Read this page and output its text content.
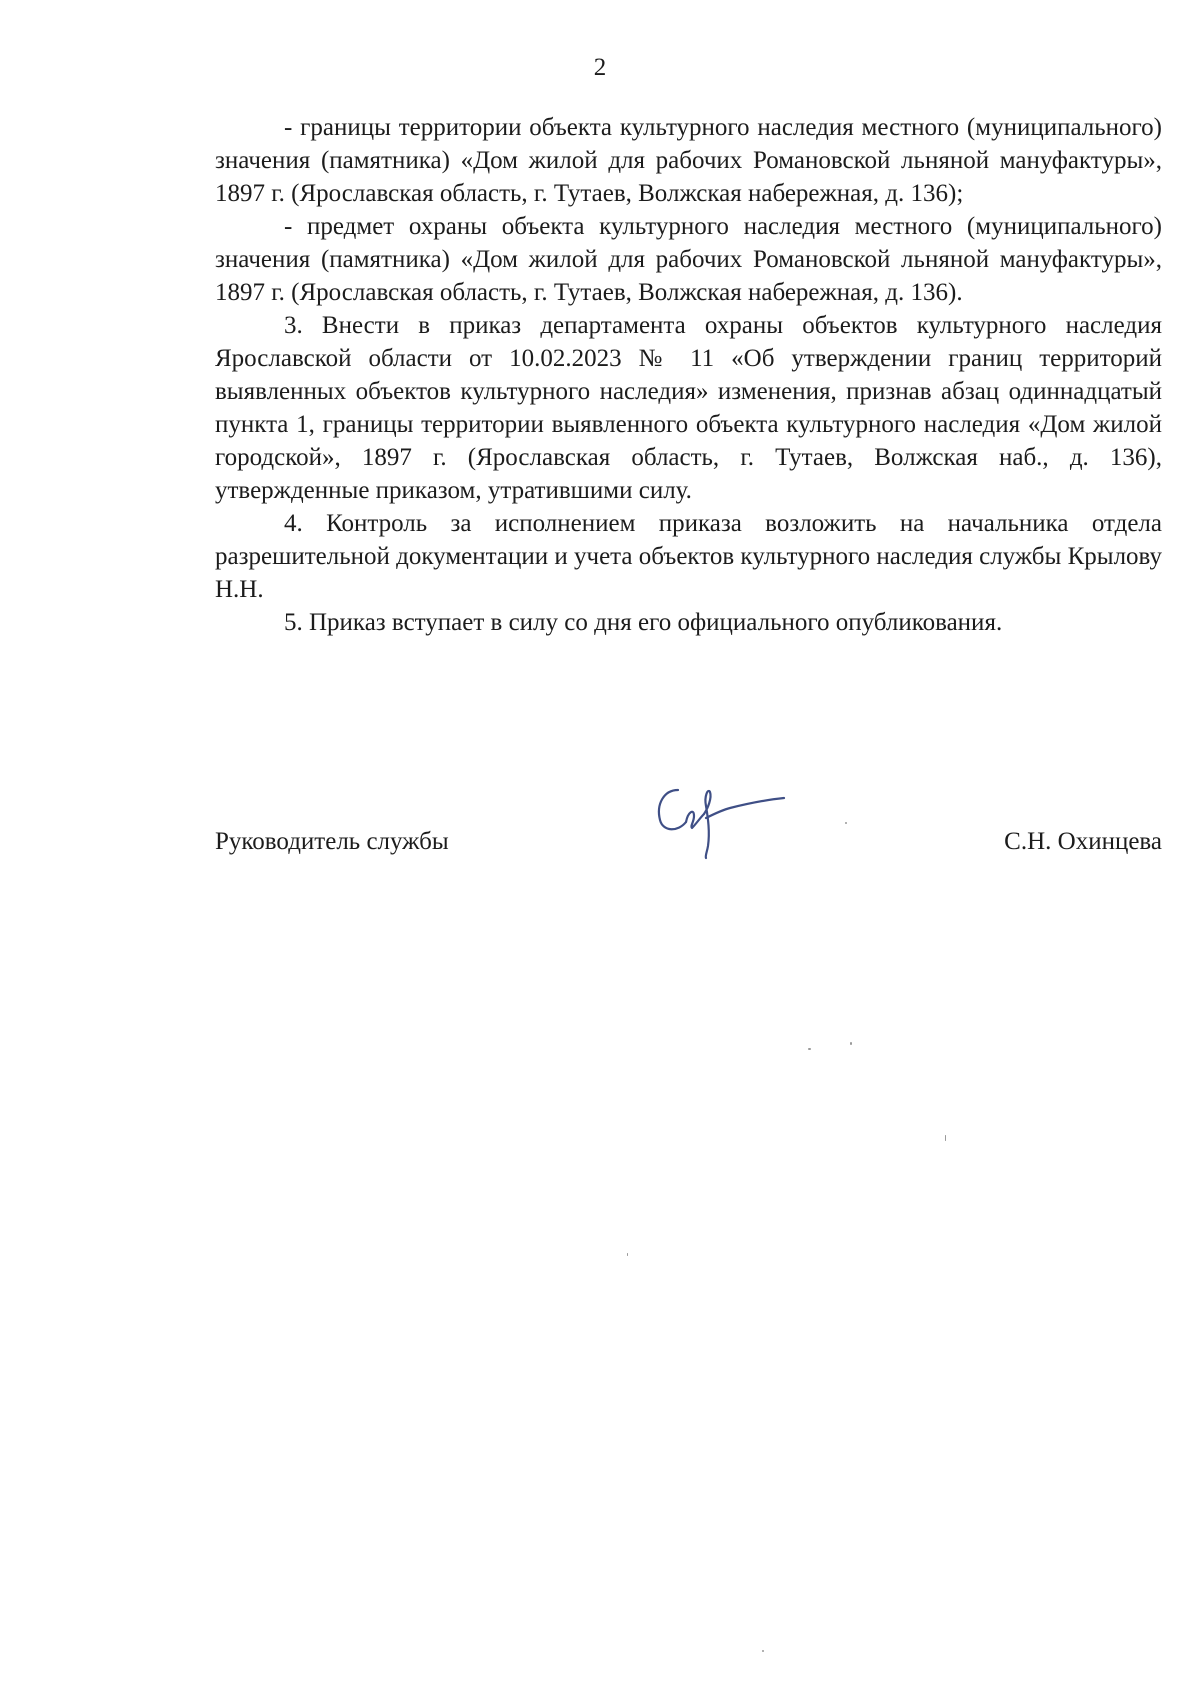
2

- границы территории объекта культурного наследия местного (муниципального) значения (памятника) «Дом жилой для рабочих Романовской льняной мануфактуры», 1897 г. (Ярославская область, г. Тутаев, Волжская набережная, д. 136);

- предмет охраны объекта культурного наследия местного (муниципального) значения (памятника) «Дом жилой для рабочих Романовской льняной мануфактуры», 1897 г. (Ярославская область, г. Тутаев, Волжская набережная, д. 136).

3. Внести в приказ департамента охраны объектов культурного наследия Ярославской области от 10.02.2023 № 11 «Об утверждении границ территорий выявленных объектов культурного наследия» изменения, признав абзац одиннадцатый пункта 1, границы территории выявленного объекта культурного наследия «Дом жилой городской», 1897 г. (Ярославская область, г. Тутаев, Волжская наб., д. 136), утвержденные приказом, утратившими силу.

4. Контроль за исполнением приказа возложить на начальника отдела разрешительной документации и учета объектов культурного наследия службы Крылову Н.Н.

5. Приказ вступает в силу со дня его официального опубликования.

Руководитель службы	С.Н. Охинцева
